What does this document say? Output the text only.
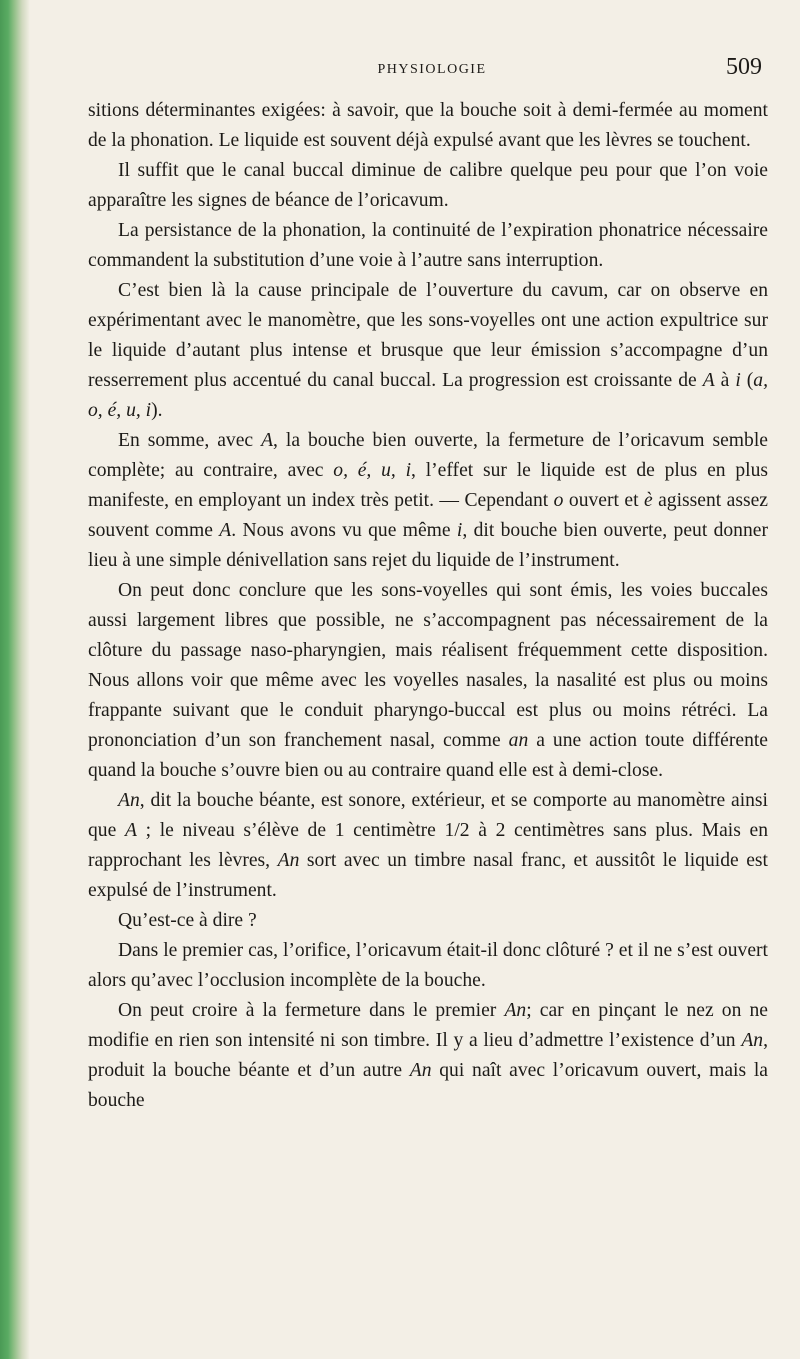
PHYSIOLOGIE	509

sitions déterminantes exigées: à savoir, que la bouche soit à demi-fermée au moment de la phonation. Le liquide est souvent déjà expulsé avant que les lèvres se touchent.

Il suffit que le canal buccal diminue de calibre quelque peu pour que l’on voie apparaître les signes de béance de l’oricavum.

La persistance de la phonation, la continuité de l’expiration phonatrice nécessaire commandent la substitution d’une voie à l’autre sans interruption.

C’est bien là la cause principale de l’ouverture du cavum, car on observe en expérimentant avec le manomètre, que les sons-voyelles ont une action expultrice sur le liquide d’autant plus intense et brusque que leur émission s’accompagne d’un resserrement plus accentué du canal buccal. La progression est croissante de A à i (a, o, é, u, i).

En somme, avec A, la bouche bien ouverte, la fermeture de l’oricavum semble complète; au contraire, avec o, é, u, i, l’effet sur le liquide est de plus en plus manifeste, en employant un index très petit. — Cependant o ouvert et è agissent assez souvent comme A. Nous avons vu que même i, dit bouche bien ouverte, peut donner lieu à une simple dénivellation sans rejet du liquide de l’instrument.

On peut donc conclure que les sons-voyelles qui sont émis, les voies buccales aussi largement libres que possible, ne s’accompagnent pas nécessairement de la clôture du passage naso-pharyngien, mais réalisent fréquemment cette disposition. Nous allons voir que même avec les voyelles nasales, la nasalité est plus ou moins frappante suivant que le conduit pharyngo-buccal est plus ou moins rétréci. La prononciation d’un son franchement nasal, comme an a une action toute différente quand la bouche s’ouvre bien ou au contraire quand elle est à demi-close.

An, dit la bouche béante, est sonore, extérieur, et se comporte au manomètre ainsi que A ; le niveau s’élève de 1 centimètre 1/2 à 2 centimètres sans plus. Mais en rapprochant les lèvres, An sort avec un timbre nasal franc, et aussitôt le liquide est expulsé de l’instrument.

Qu’est-ce à dire ?

Dans le premier cas, l’orifice, l’oricavum était-il donc clôturé ? et il ne s’est ouvert alors qu’avec l’occlusion incomplète de la bouche.

On peut croire à la fermeture dans le premier An; car en pinçant le nez on ne modifie en rien son intensité ni son timbre. Il y a lieu d’admettre l’existence d’un An, produit la bouche béante et d’un autre An qui naît avec l’oricavum ouvert, mais la bouche
